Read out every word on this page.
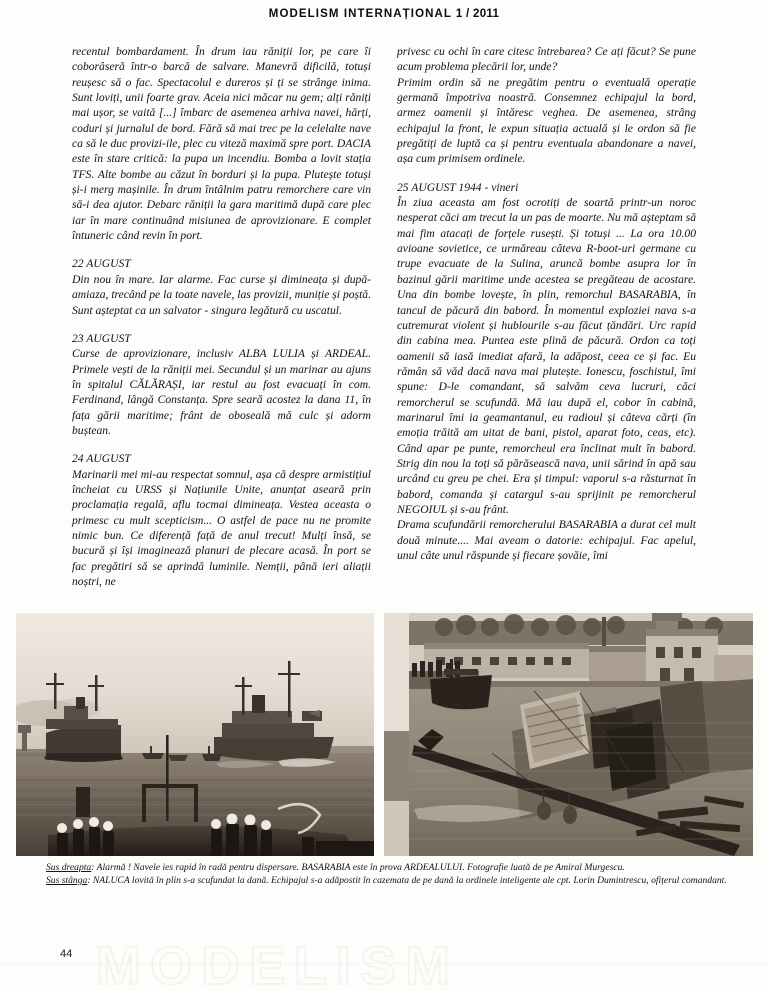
MODELISM INTERNAȚIONAL 1 / 2011

recentul bombardament. În drum iau răniții lor, pe care îi coborâseră într-o barcă de salvare. Manevră dificilă, totuși reușesc să o fac. Spectacolul e dureros și ți se strânge inima. Sunt loviți, unii foarte grav. Aceia nici măcar nu gem; alți răniți mai ușor, se vaită [...] îmbarc de asemenea arhiva navei, hărți, coduri și jurnalul de bord. Fără să mai trec pe la celelalte nave ca să le duc provizi-ile, plec cu viteză maximă spre port. DACIA este în stare critică: la pupa un incendiu. Bomba a lovit stația TFS. Alte bombe au căzut în borduri și la pupa. Plutește totuși și-i merg mașinile. În drum întâlnim patru remorchere care vin să-i dea ajutor. Debarc răniții la gara maritimă după care plec iar în mare continuând misiunea de aprovizionare. E complet întuneric când revin în port.

22 AUGUST

Din nou în mare. Iar alarme. Fac curse și dimineața și după-amiaza, trecând pe la toate navele, las provizii, muniție și poștă. Sunt așteptat ca un salvator - singura legătură cu uscatul.

23 AUGUST

Curse de aprovizionare, inclusiv ALBA LULIA și ARDEAL. Primele vești de la răniții mei. Secundul și un marinar au ajuns în spitalul CĂLĂRAȘI, iar restul au fost evacuați în com. Ferdinand, lângă Constanța. Spre seară acostez la dana 11, în fața gării maritime; frânt de oboseală mă culc și adorm buștean.

24 AUGUST

Marinarii mei mi-au respectat somnul, așa că despre armistițiul încheiat cu URSS și Națiunile Unite, anunțat aseară prin proclamația regală, aflu tocmai dimineața. Vestea aceasta o primesc cu mult scepticism... O astfel de pace nu ne promite nimic bun. Ce diferență față de anul trecut! Mulți însă, se bucură și își imaginează planuri de plecare acasă. În port se fac pregătiri să se aprindă luminile. Nemții, până ieri aliații noștri, ne

privesc cu ochi în care citesc întrebarea? Ce ați făcut? Se pune acum problema plecării lor, unde?

Primim ordin să ne pregătim pentru o eventuală operație germană împotriva noastră. Consemnez echipajul la bord, armez oamenii și întăresc veghea. De asemenea, strâng echipajul la front, le expun situația actuală și le ordon să fie pregătiți de luptă ca și pentru eventuala abandonare a navei, așa cum primisem ordinele.

25 AUGUST 1944 - vineri

În ziua aceasta am fost ocrotiți de soartă printr-un noroc nesperat căci am trecut la un pas de moarte. Nu mă așteptam să mai fim atacați de forțele rusești. Și totuși ... La ora 10.00 avioane sovietice, ce urmăreau câteva R-boot-uri germane cu trupe evacuate de la Sulina, aruncă bombe asupra lor în bazinul gării maritime unde acestea se pregăteau de acostare. Una din bombe lovește, în plin, remorchul BASARABIA, în tancul de păcură din babord. În momentul exploziei nava s-a cutremurat violent și hublourile s-au făcut țăndări. Urc rapid din cabina mea. Puntea este plină de păcură. Ordon ca toți oamenii să iasă imediat afară, la adăpost, ceea ce și fac. Eu rămân să văd dacă nava mai plutește. Ionescu, foschistul, îmi spune: D-le comandant, să salvăm ceva lucruri, căci remorcherul se scufundă. Mă iau după el, cobor în cabină, marinarul îmi ia geamantanul, eu radioul și câteva cărți (în emoția trăită am uitat de bani, pistol, aparat foto, ceas, etc). Când apar pe punte, remorcheul era înclinat mult în babord. Strig din nou la toți să părăsească nava, unii sărind în apă sau urcând cu greu pe chei. Era și timpul: vaporul s-a răsturnat în babord, comanda și catargul s-au sprijinit pe remorcherul NEGOIUL și s-au frânt.

Drama scufundării remorcherului BASARABIA a durat cel mult două minute.... Mai aveam o datorie: echipajul. Fac apelul, unul câte unul răspunde și fiecare șovăie, îmi

Sus dreapta: Alarmă ! Navele ies rapid în radă pentru dispersare. BASARABIA este în prova ARDEALULUI. Fotografie luată de pe Amiral Murgescu.

Sus stânga: NALUCA lovită în plin s-a scufundat la dană. Echipajul s-a adăpostit în cazemata de pe dană la ordinele inteligente ale cpt. Lorin Dumintrescu, ofițerul comandant.

44 MODELISM
